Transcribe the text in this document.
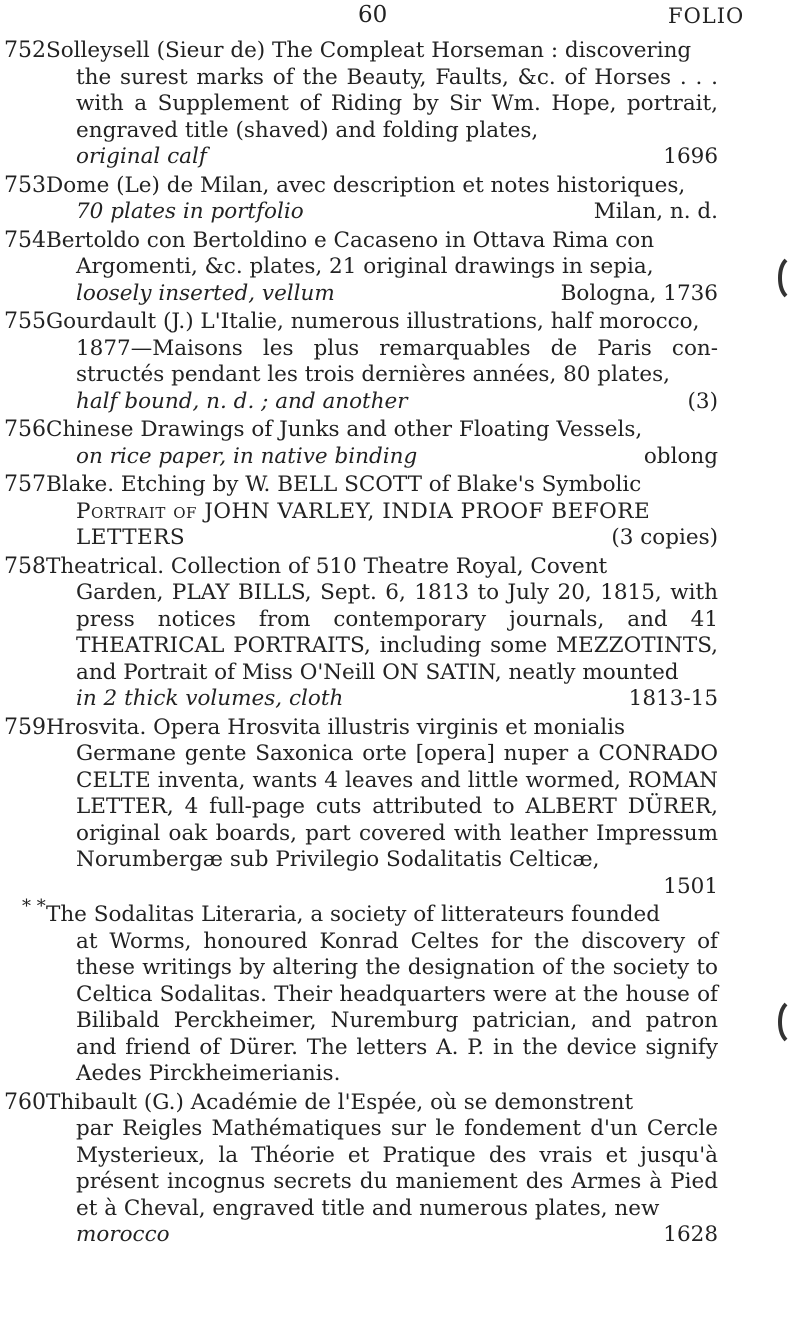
60	FOLIO
752 Solleysell (Sieur de) The Compleat Horseman : discovering
the surest marks of the Beauty, Faults, &c. of Horses . . . with a Supplement of Riding by Sir Wm. Hope, portrait, engraved title (shaved) and folding plates,
original calf	1696
753 Dome (Le) de Milan, avec description et notes historiques,
70 plates in portfolio	Milan, n. d.
754 Bertoldo con Bertoldino e Cacaseno in Ottava Rima con
Argomenti, &c. plates, 21 original drawings in sepia,
loosely inserted, vellum	Bologna, 1736
755 Gourdault (J.) L'Italie, numerous illustrations, half morocco,
1877—Maisons les plus remarquables de Paris con-structés pendant les trois dernières années, 80 plates,
half bound, n. d. ; and another	(3)
756 Chinese Drawings of Junks and other Floating Vessels,
on rice paper, in native binding	oblong
757 Blake. Etching by W. BELL SCOTT of Blake's Symbolic
Portrait of JOHN VARLEY, INDIA PROOF BEFORE
LETTERS	(3 copies)
758 Theatrical. Collection of 510 Theatre Royal, Covent
Garden, PLAY BILLS, Sept. 6, 1813 to July 20, 1815, with press notices from contemporary journals, and 41 THEATRICAL PORTRAITS, including some MEZZOTINTS, and Portrait of Miss O'Neill ON SATIN, neatly mounted
in 2 thick volumes, cloth	1813-15
759 Hrosvita. Opera Hrosvita illustris virginis et monialis
Germane gente Saxonica orte [opera] nuper a CONRADO CELTE inventa, wants 4 leaves and little wormed, ROMAN LETTER, 4 full-page cuts attributed to ALBERT DÜRER, original oak boards, part covered with leather Impressum Norumbergæ sub Privilegio Sodalitatis Celticæ,
1501
* * The Sodalitas Literaria, a society of litterateurs founded
at Worms, honoured Konrad Celtes for the discovery of these writings by altering the designation of the society to Celtica Sodalitas. Their headquarters were at the house of Bilibald Perckheimer, Nuremburg patrician, and patron and friend of Dürer. The letters A. P. in the device signify Aedes Pirckheimerianis.
760 Thibault (G.) Académie de l'Espée, où se demonstrent
par Reigles Mathématiques sur le fondement d'un Cercle Mysterieux, la Théorie et Pratique des vrais et jusqu'à présent incognus secrets du maniement des Armes à Pied et à Cheval, engraved title and numerous plates, new
morocco	1628
